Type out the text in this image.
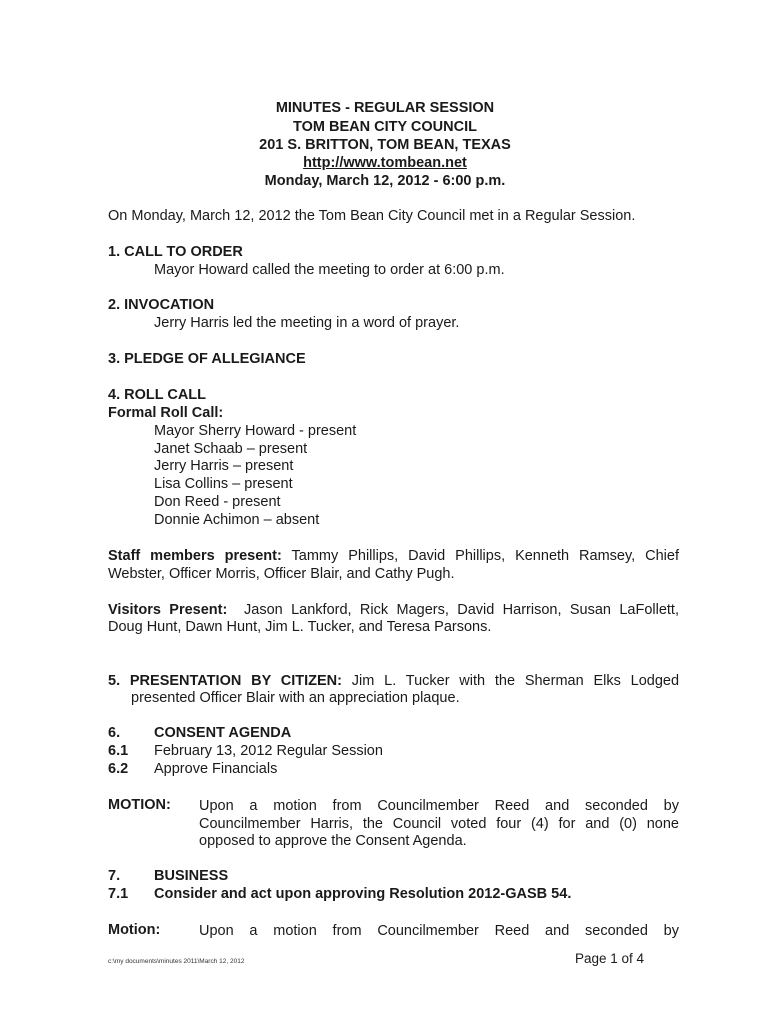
MINUTES - REGULAR SESSION
TOM BEAN CITY COUNCIL
201 S. BRITTON, TOM BEAN, TEXAS
http://www.tombean.net
Monday, March 12, 2012 - 6:00 p.m.
On Monday, March 12, 2012 the Tom Bean City Council met in a Regular Session.
1. CALL TO ORDER
Mayor Howard called the meeting to order at 6:00 p.m.
2. INVOCATION
Jerry Harris led the meeting in a word of prayer.
3. PLEDGE OF ALLEGIANCE
4. ROLL CALL
Formal Roll Call:
Mayor Sherry Howard - present
Janet Schaab – present
Jerry Harris – present
Lisa Collins – present
Don Reed - present
Donnie Achimon – absent
Staff members present: Tammy Phillips, David Phillips, Kenneth Ramsey, Chief
Webster, Officer Morris, Officer Blair, and Cathy Pugh.
Visitors Present: Jason Lankford, Rick Magers, David Harrison, Susan LaFollett,
Doug Hunt, Dawn Hunt, Jim L. Tucker, and Teresa Parsons.
5. PRESENTATION BY CITIZEN: Jim L. Tucker with the Sherman Elks Lodged
presented Officer Blair with an appreciation plaque.
6. CONSENT AGENDA
6.1 February 13, 2012 Regular Session
6.2 Approve Financials
MOTION: Upon a motion from Councilmember Reed and seconded by
Councilmember Harris, the Council voted four (4) for and (0) none
opposed to approve the Consent Agenda.
7. BUSINESS
7.1 Consider and act upon approving Resolution 2012-GASB 54.
Motion:	Upon a motion from Councilmember Reed and seconded by
c:\my documents\minutes 2011\March 12, 2012	Page 1 of 4
